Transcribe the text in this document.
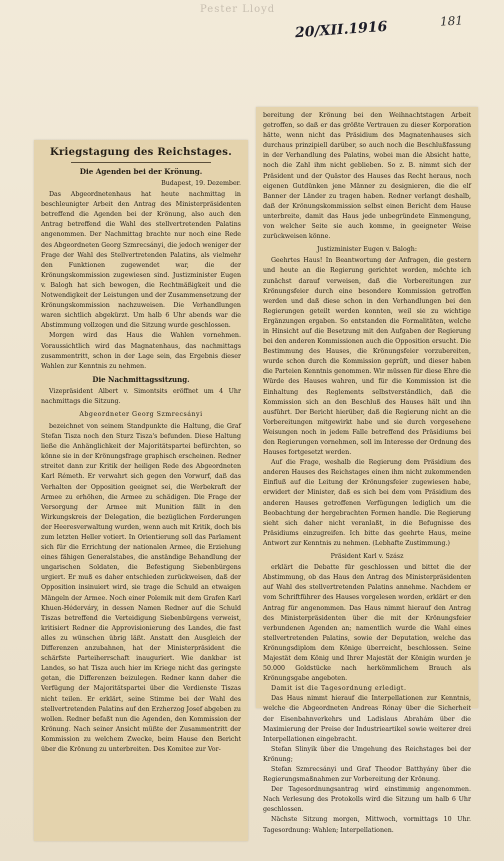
Pester Lloyd
20/XII.1916	181
Kriegstagung des Reichstages.
Die Agenden bei der Krönung.
Budapest, 19. Dezember.

Das Abgeordnetenhaus hat heute nachmittag in beschleunigter Arbeit den Antrag des Ministerpräsidenten betreffend die Agenden bei der Krönung, also auch den Antrag betreffend die Wahl des stellvertretenden Palatins angenommen. Der Nachmittag brachte nur noch eine Rede des Abgeordneten Georg Szmrecsányi, die jedoch weniger der Frage der Wahl des Stellvertretenden Palatins, als vielmehr den Funktionen zugewendet war, die der Krönungskommission zugewiesen sind. Justizminister Eugen v. Balogh hat sich bewogen, die Rechtmäßigkeit und die Notwendigkeit der Leistungen und der Zusammensetzung der Krönungskommission nachzuweisen. Die Verhandlungen waren sichtlich abgekürzt. Um halb 6 Uhr abends war die Abstimmung vollzogen und die Sitzung wurde geschlossen.

Morgen wird das Haus die Wahlen vornehmen. Voraussichtlich wird das Magnatenhaus, das nachmittags zusammentritt, schon in der Lage sein, das Ergebnis dieser Wahlen zur Kenntnis zu nehmen.

Die Nachmittagssitzung.

Vizepräsident Albert v. Simontsits eröffnet um 4 Uhr nachmittags die Sitzung.

Abgeordneter Georg Szmrecsányi

bezeichnet von seinem Standpunkte die Haltung, die Graf Stefan Tisza noch den Sturz Tisza's befunden. Diese Haltung ließe die Anhänglichkeit der Majoritätspartei befürchten, so könne sie in der Krönungsfrage graphisch erscheinen. Redner streitet dann zur Kritik der heiligen Rede des Abgeordneten Karl Rémeth. Er verwahrt sich gegen den Vorwurf, daß das Verhalten der Opposition geeignet sei, die Werbekraft der Armee zu erhöhen, die Armee zu schädigen. Die Frage der Versorgung der Armee mit Munition fällt in den Wirkungskreis der Delegation, die bezüglichen Forderungen der Heeresverwaltung wurden, wenn auch mit Kritik, doch bis zum letzten Heller votiert. In Orientierung soll das Parlament sich für die Errichtung der nationalen Armee, die Erziehung eines fähigen Generalstabes, die anständige Behandlung der ungarischen Soldaten, die Befestigung Siebenbürgens urgiert. Er muß es daher entschieden zurückweisen, daß der Opposition insinuiert wird, sie trage die Schuld an etwaigen Mängeln der Armee. Noch einer Polemik mit dem Grafen Karl Khuen-Héderváry, in dessen Namen Redner auf die Schuld Tiszas betreffend die Verteidigung Siebenbürgens verweist, kritisiert Redner die Approvisionierung des Landes, die fast alles zu wünschen übrig läßt. Anstatt den Ausgleich der Differenzen anzubahnen, hat der Ministerpräsident die schärfste Parteiherrschaft inauguriert. Wie dankbar ist Landes, so hat Tisza auch hier im Kriege nicht das geringste getan, die Differenzen beizulegen. Redner kann daher die Verfügung der Majoritätspartei über die Verdienste Tiszas nicht teilen. Er erklärt, seine Stimme bei der Wahl des stellvertretenden Palatins auf den Erzherzog Josef abgeben zu wollen. Redner befaßt nun die Agenden, den Kommission der Krönung. Nach seiner Ansicht müßte der Zusammentritt der Kommission zu welchem Zwecke, beim Hause den Bericht über die Krönung zu unterbreiten. Des Komitee zur Vor-

bereitung der Krönung bei den Weihnachtstagen Arbeit getroffen, so daß er das größte Vertrauen zu dieser Korporation hätte, wenn nicht das Präsidium des Magnatenhauses sich durchaus prinzipiell darüber, so auch noch die Beschlußfassung in der Verhandlung des Palatins, wobei man die Absicht hatte, noch die Zahl ihm nicht geblieben. So z. B. nimmt sich der Präsident und der Quästor des Hauses das Recht heraus, noch eigenen Gutdünken jene Männer zu designieren, die die elf Banner der Länder zu tragen haben. Redner verlangt deshalb, daß der Krönungskommission selbst einen Bericht dem Hause unterbreite, damit das Haus jede unbegründete Einmengung, von welcher Seite sie auch komme, in geeigneter Weise zurückweisen könne.

Justizminister Eugen v. Balogh:

Geehrtes Haus! In Beantwortung der Anfragen, die gestern und heute an die Regierung gerichtet worden, möchte ich zunächst darauf verweisen, daß die Vorbereitungen zur Krönungsfeier durch eine besondere Kommission getroffen werden und daß diese schon in den Verhandlungen bei den Regierungen geteilt werden konnten, weil sie zu wichtige Ergänzungen ergaben. So entstanden die Formalitäten, welche in Hinsicht auf die Besetzung mit den Aufgaben der Regierung bei den anderen Kommissionen auch die Opposition ersucht. Die Bestimmung des Hauses, die Krönungsfeier vorzubereiten, wurde schon durch die Kommission geprüft, und dieser haben die Parteien Kenntnis genommen. Wir müssen für diese Ehre die Würde des Hauses wahren, und für die Kommission ist die Einhaltung des Reglements selbstverständlich, daß die Kommission sich an den Beschluß des Hauses hält und ihn ausführt. Der Bericht hierüber, daß die Regierung nicht an die Vorbereitungen mitgewirkt habe und sie durch vorgesehene Weisungen noch in jedem Falle betreffend des Präsidiums bei den Regierungen vornehmen, soll im Interesse der Ordnung des Hauses fortgesetzt werden.

Auf die Frage, weshalb die Regierung dem Präsidium des anderen Hauses des Reichstages einen ihm nicht zukommenden Einfluß auf die Leitung der Krönungsfeier zugewiesen habe, erwidert der Minister, daß es sich bei dem vom Präsidium des anderen Hauses getroffenen Verfügungen lediglich um die Beobachtung der hergebrachten Formen handle. Die Regierung sieht sich daher nicht veranlaßt, in die Befugnisse des Präsidiums einzugreifen. Ich bitte das geehrte Haus, meine Antwort zur Kenntnis zu nehmen. (Lebhafte Zustimmung.)

Präsident Karl v. Szász

erklärt die Debatte für geschlossen und bittet die der Abstimmung, ob das Haus den Antrag des Ministerpräsidenten auf Wahl des stellvertretenden Palatins annehme. Nachdem er vom Schriftführer des Hauses vorgelesen worden, erklärt er den Antrag für angenommen. Das Haus nimmt hierauf den Antrag des Ministerpräsidenten über die mit der Krönungsfeier verbundenen Agenden an; namentlich wurde die Wahl eines stellvertretenden Palatins, sowie der Deputation, welche das Krönungsdiplom dem Könige überreicht, beschlossen. Seine Majestät dem König und Ihrer Majestät der Königin wurden je 50.000 Goldstücke nach herkömmlichem Brauch als Krönungsgabe angeboten.

Damit ist die Tagesordnung erledigt.

Das Haus nimmt hierauf die Interpellationen zur Kenntnis, welche die Abgeordneten Andreas Rónay über die Sicherheit der Eisenbahnverkehrs und Ladislaus Abrahám über die Maximierung der Preise der Industrieartikel sowie weiterer drei Interpellationen eingebracht.

Stefan Slinyik über die Umgehung des Reichstages bei der Krönung;

Stefan Szmrecsányi und Graf Theodor Batthyány über die Regierungsmaßnahmen zur Vorbereitung der Krönung.

Der Tagesordnungsantrag wird einstimmig angenommen. Nach Verlesung des Protokolls wird die Sitzung um halb 6 Uhr geschlossen.

Nächste Sitzung morgen, Mittwoch, vormittags 10 Uhr. Tagesordnung: Wahlen; Interpellationen.
